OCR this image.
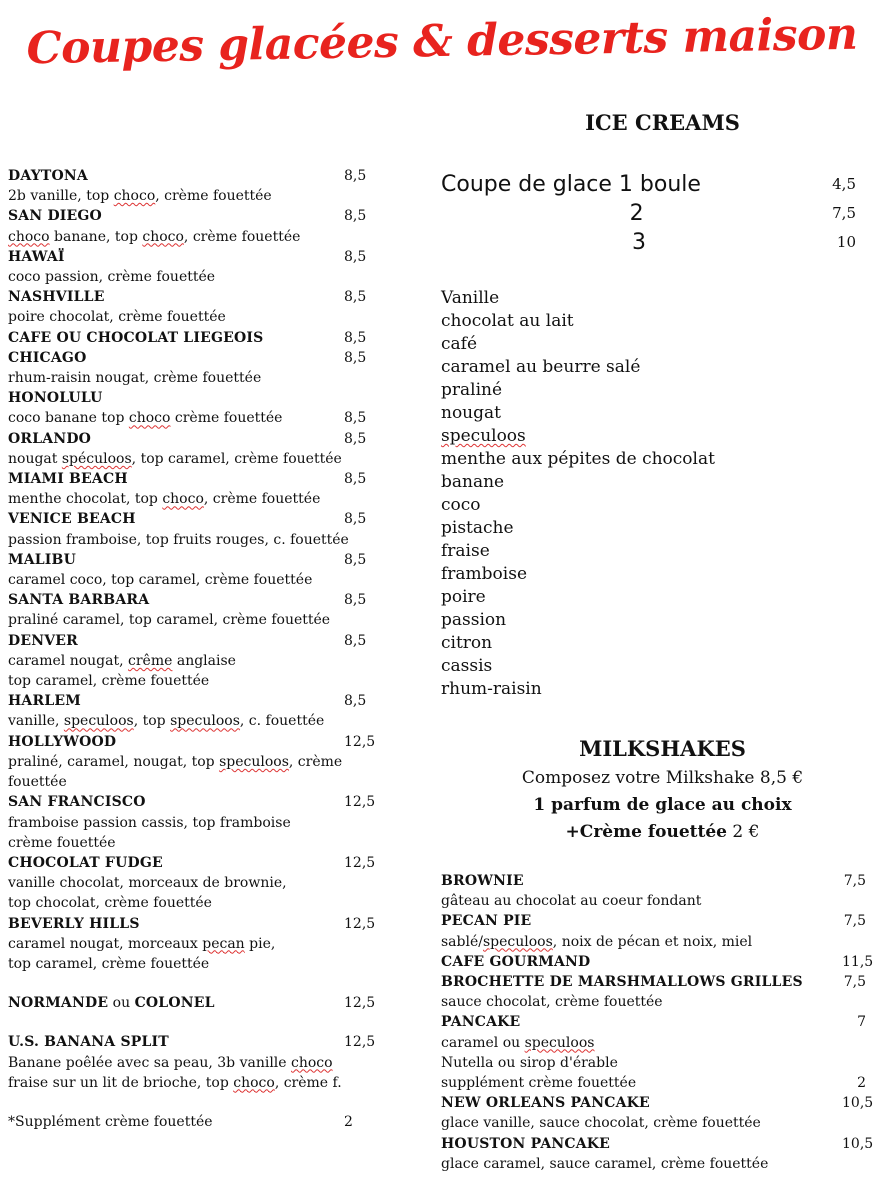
Coupes glacées & desserts maison
DAYTONA	8,5
2b vanille, top choco, crème fouettée
SAN DIEGO	8,5
choco banane, top choco, crème fouettée
HAWAÏ	8,5
coco passion, crème fouettée
NASHVILLE	8,5
poire chocolat, crème fouettée
CAFE OU CHOCOLAT LIEGEOIS	8,5
CHICAGO	8,5
rhum-raisin nougat, crème fouettée
HONOLULU
coco banane top choco crème fouettée	8,5
ORLANDO	8,5
nougat spéculoos, top caramel, crème fouettée
MIAMI BEACH	8,5
menthe chocolat, top choco, crème fouettée
VENICE BEACH	8,5
passion framboise, top fruits rouges, c. fouettée
MALIBU	8,5
caramel coco, top caramel, crème fouettée
SANTA BARBARA	8,5
praliné caramel, top caramel, crème fouettée
DENVER	8,5
caramel nougat, crême anglaise
top caramel, crème fouettée
HARLEM	8,5
vanille, speculoos, top speculoos, c. fouettée
HOLLYWOOD	12,5
praliné, caramel, nougat, top speculoos, crème
fouettée
SAN FRANCISCO	12,5
framboise passion cassis, top framboise
crème fouettée
CHOCOLAT FUDGE	12,5
vanille chocolat, morceaux de brownie,
top chocolat, crème fouettée
BEVERLY HILLS	12,5
caramel nougat, morceaux pecan pie,
top caramel, crème fouettée
NORMANDE ou COLONEL	12,5
U.S. BANANA SPLIT	12,5
Banane poêlée avec sa peau, 3b vanille choco
fraise sur un lit de brioche, top choco, crème f.
*Supplément crème fouettée	2
ICE CREAMS
Coupe de glace 1 boule	4,5
2	7,5
3	10
Vanille
chocolat au lait
café
caramel au beurre salé
praliné
nougat
speculoos
menthe aux pépites de chocolat
banane
coco
pistache
fraise
framboise
poire
passion
citron
cassis
rhum-raisin
MILKSHAKES
Composez votre Milkshake 8,5 €
1 parfum de glace au choix
+Crème fouettée 2 €
BROWNIE	7,5
gâteau au chocolat au coeur fondant
PECAN PIE	7,5
sablé/speculoos, noix de pécan et noix, miel
CAFE GOURMAND	11,5
BROCHETTE DE MARSHMALLOWS GRILLES	7,5
sauce chocolat, crème fouettée
PANCAKE	7
caramel ou speculoos
Nutella ou sirop d'érable
supplément crème fouettée	2
NEW ORLEANS PANCAKE	10,5
glace vanille, sauce chocolat, crème fouettée
HOUSTON PANCAKE	10,5
glace caramel, sauce caramel, crème fouettée
